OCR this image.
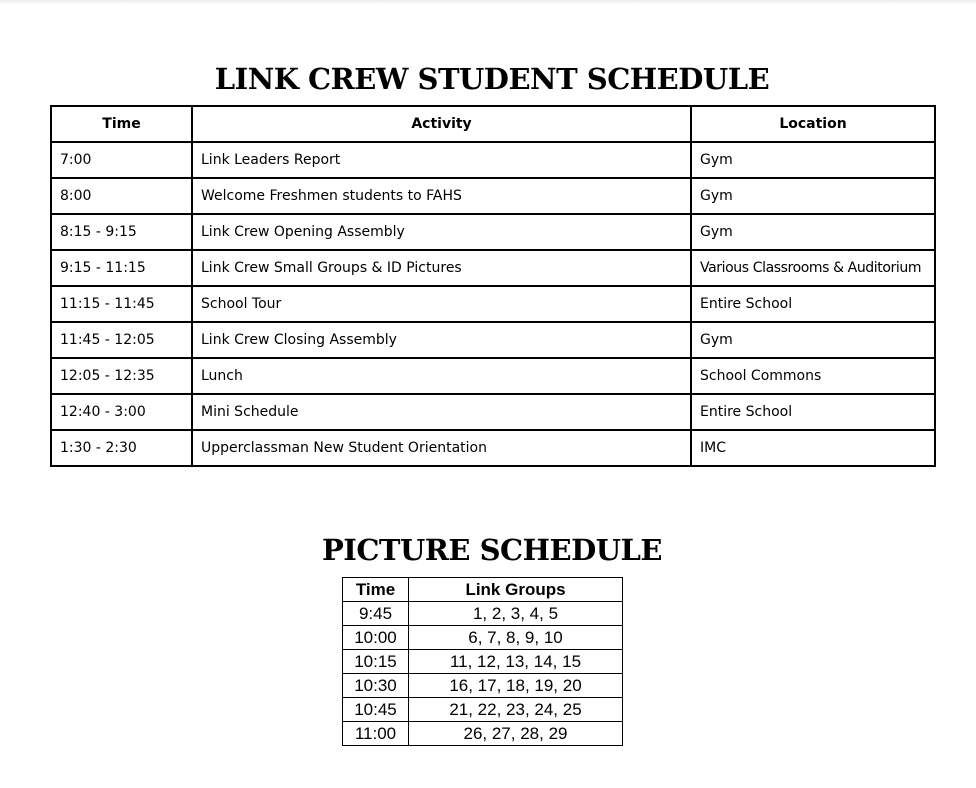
LINK CREW STUDENT SCHEDULE
Time	Activity	Location
7:00	Link Leaders Report	Gym
8:00	Welcome Freshmen students to FAHS	Gym
8:15 - 9:15	Link Crew Opening Assembly	Gym
9:15 - 11:15	Link Crew Small Groups & ID Pictures	Various Classrooms & Auditorium
11:15 - 11:45	School Tour	Entire School
11:45 - 12:05	Link Crew Closing Assembly	Gym
12:05 - 12:35	Lunch	School Commons
12:40 - 3:00	Mini Schedule	Entire School
1:30 - 2:30	Upperclassman New Student Orientation	IMC
PICTURE SCHEDULE
Time	Link Groups
9:45	1, 2, 3, 4, 5
10:00	6, 7, 8, 9, 10
10:15	11, 12, 13, 14, 15
10:30	16, 17, 18, 19, 20
10:45	21, 22, 23, 24, 25
11:00	26, 27, 28, 29
